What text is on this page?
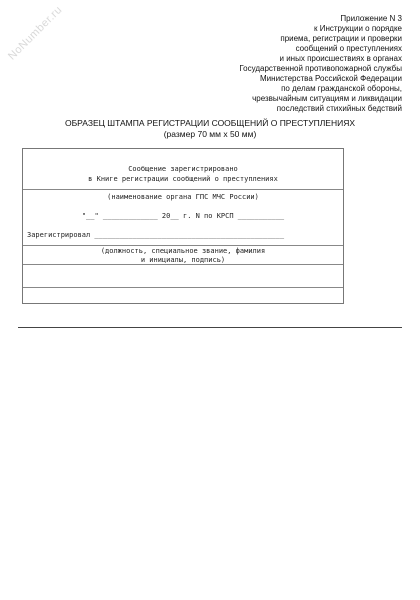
NoNumber.ru	Приложение N 3
к Инструкции о порядке
приема, регистрации и проверки
сообщений о преступлениях
и иных происшествиях в органах
Государственной противопожарной службы
Министерства Российской Федерации
по делам гражданской обороны,
чрезвычайным ситуациям и ликвидации
последствий стихийных бедствий
ОБРАЗЕЦ ШТАМПА РЕГИСТРАЦИИ СООБЩЕНИЙ О ПРЕСТУПЛЕНИЯХ
(размер 70 мм х 50 мм)
Сообщение зарегистрировано
в Книге регистрации сообщений о преступлениях
(наименование органа ГПС МЧС России)
"__" _____________ 20__ г. N по КРСП ___________
Зарегистрировал _____________________________________________
(должность, специальное звание, фамилия
и инициалы, подпись)
